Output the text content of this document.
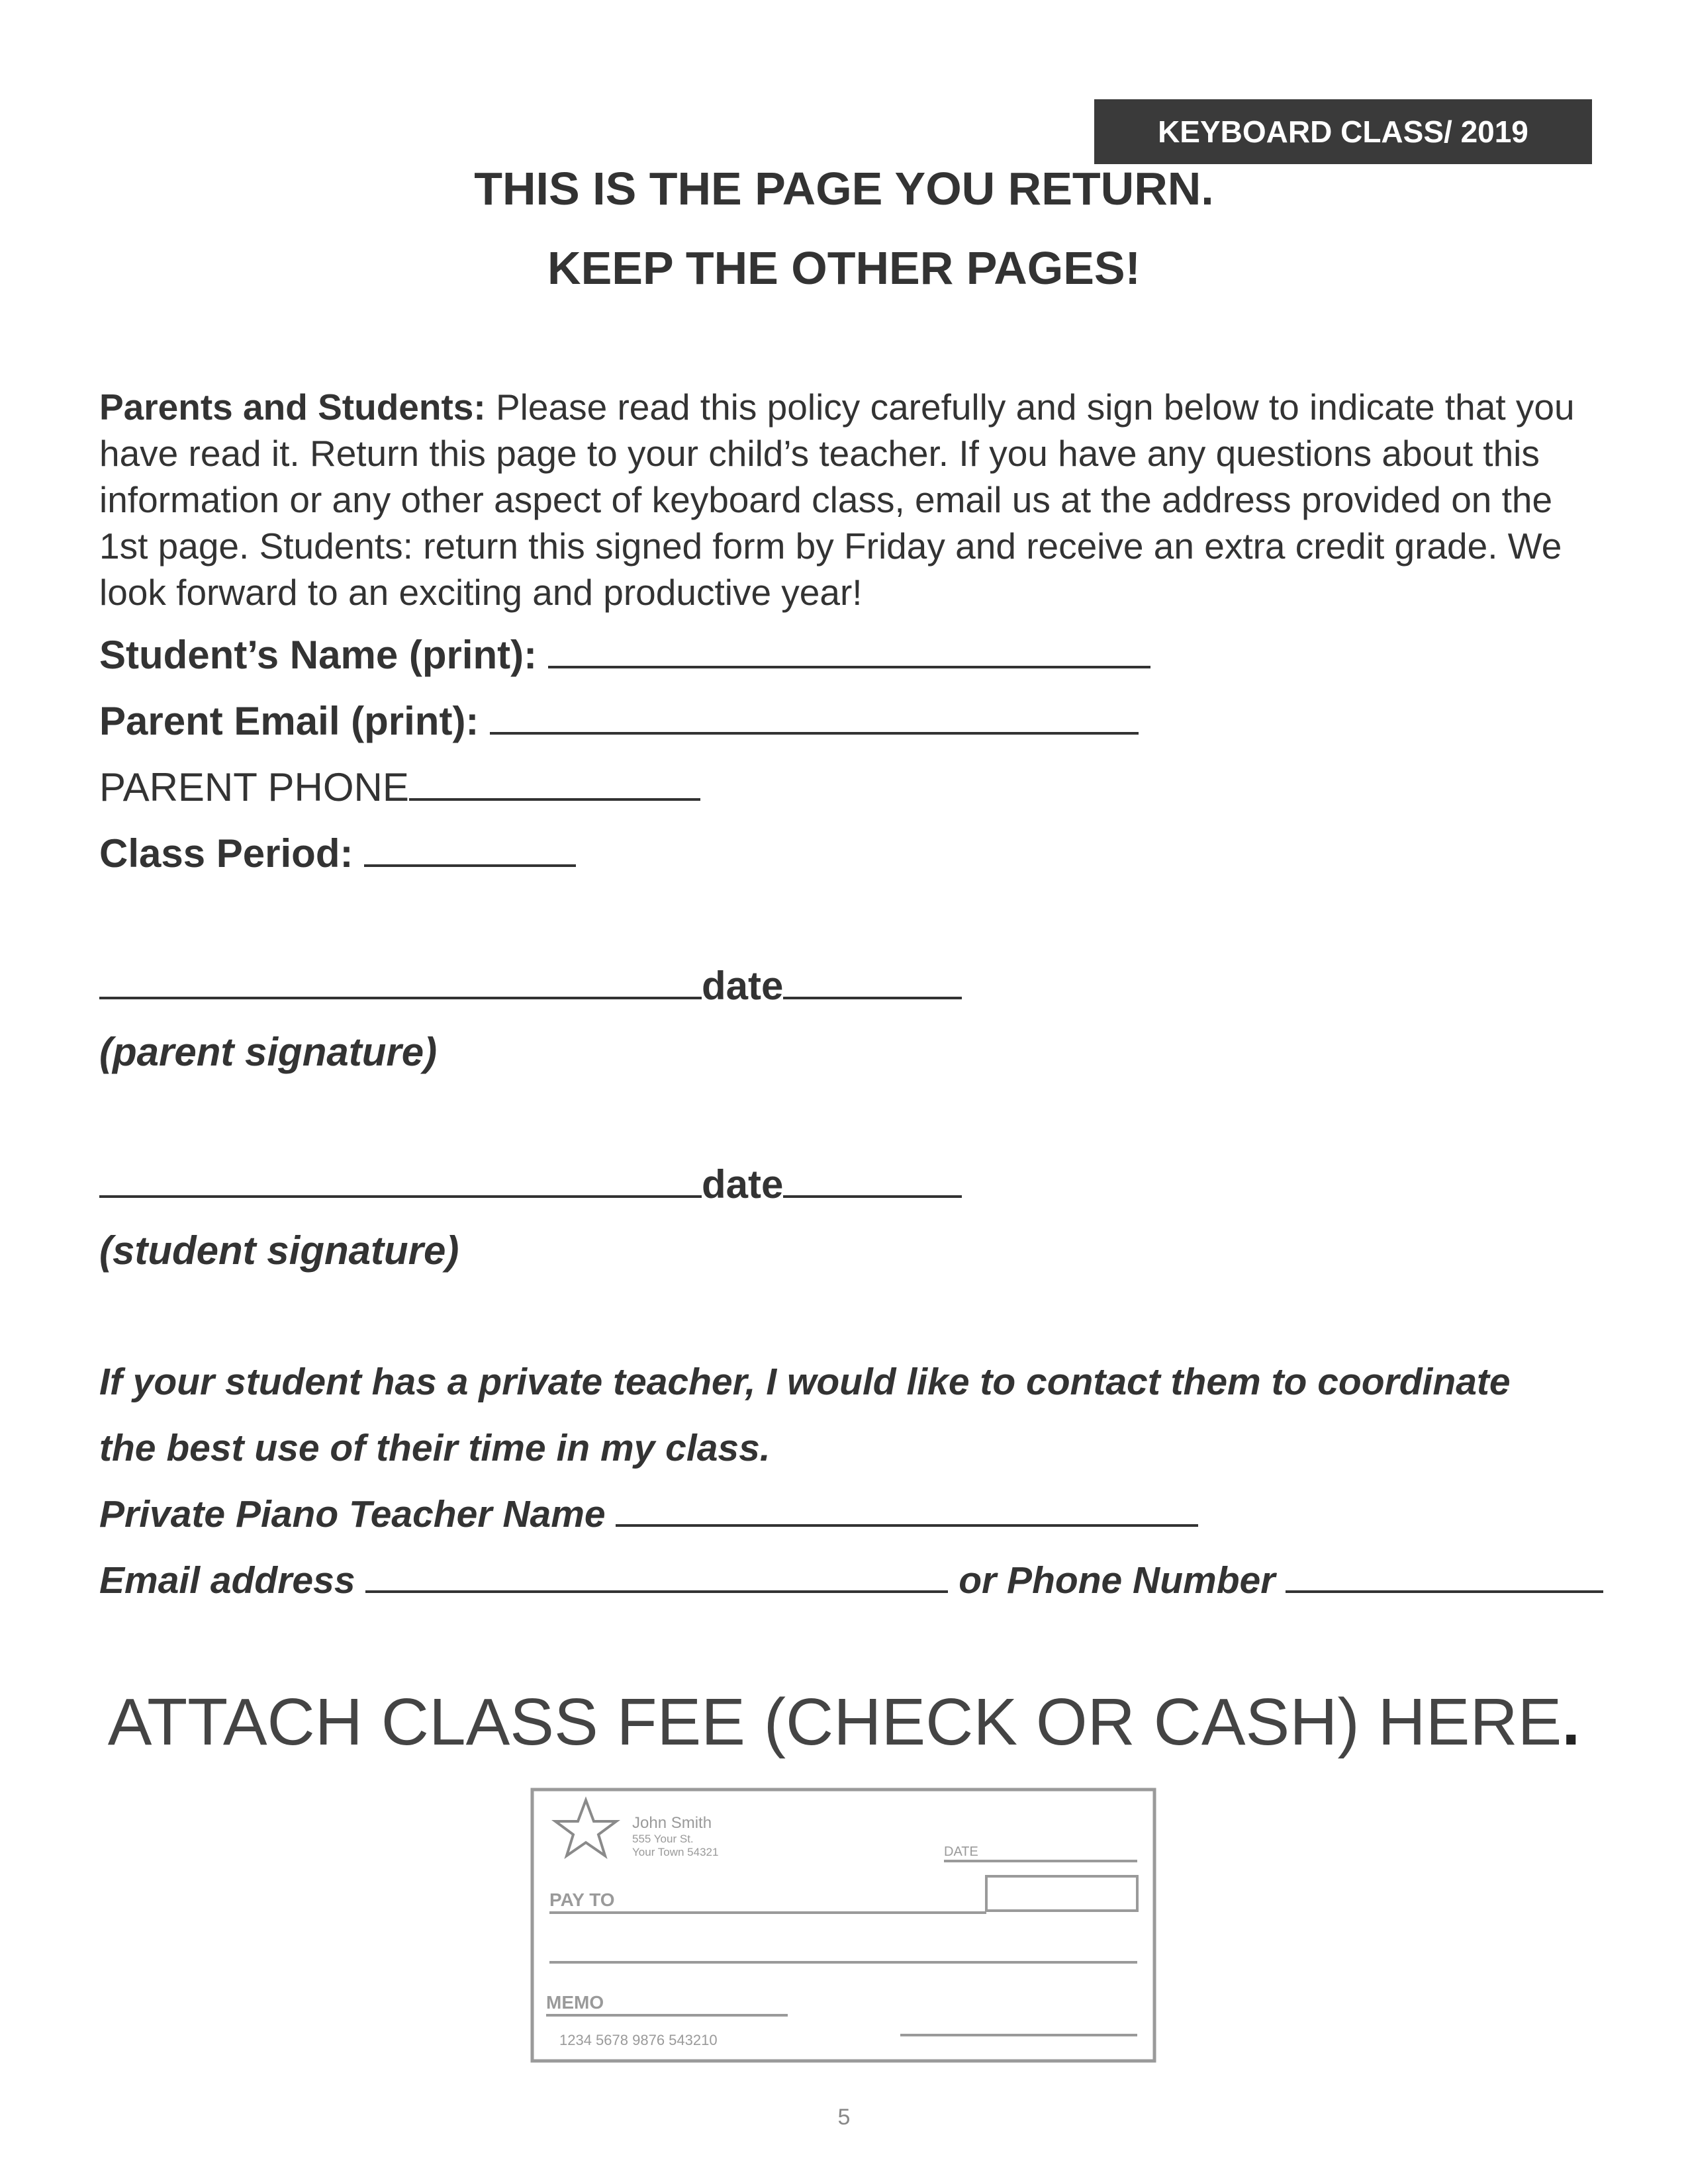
KEYBOARD CLASS/ 2019
THIS IS THE PAGE YOU RETURN.
KEEP THE OTHER PAGES!
Parents and Students: Please read this policy carefully and sign below to indicate that you have read it. Return this page to your child’s teacher. If you have any questions about this information or any other aspect of keyboard class, email us at the address provided on the 1st page. Students: return this signed form by Friday and receive an extra credit grade. We look forward to an exciting and productive year!
Student’s Name (print):
Parent Email (print):
PARENT PHONE
Class Period:
date
(parent signature)
date
(student signature)
If your student has a private teacher, I would like to contact them to coordinate
the best use of their time in my class.
Private Piano Teacher Name
Email address	or Phone Number
ATTACH CLASS FEE (CHECK OR CASH) HERE.
John Smith
555 Your St.
Your Town 54321	DATE
PAY TO
MEMO
1234 5678 9876 543210
5
